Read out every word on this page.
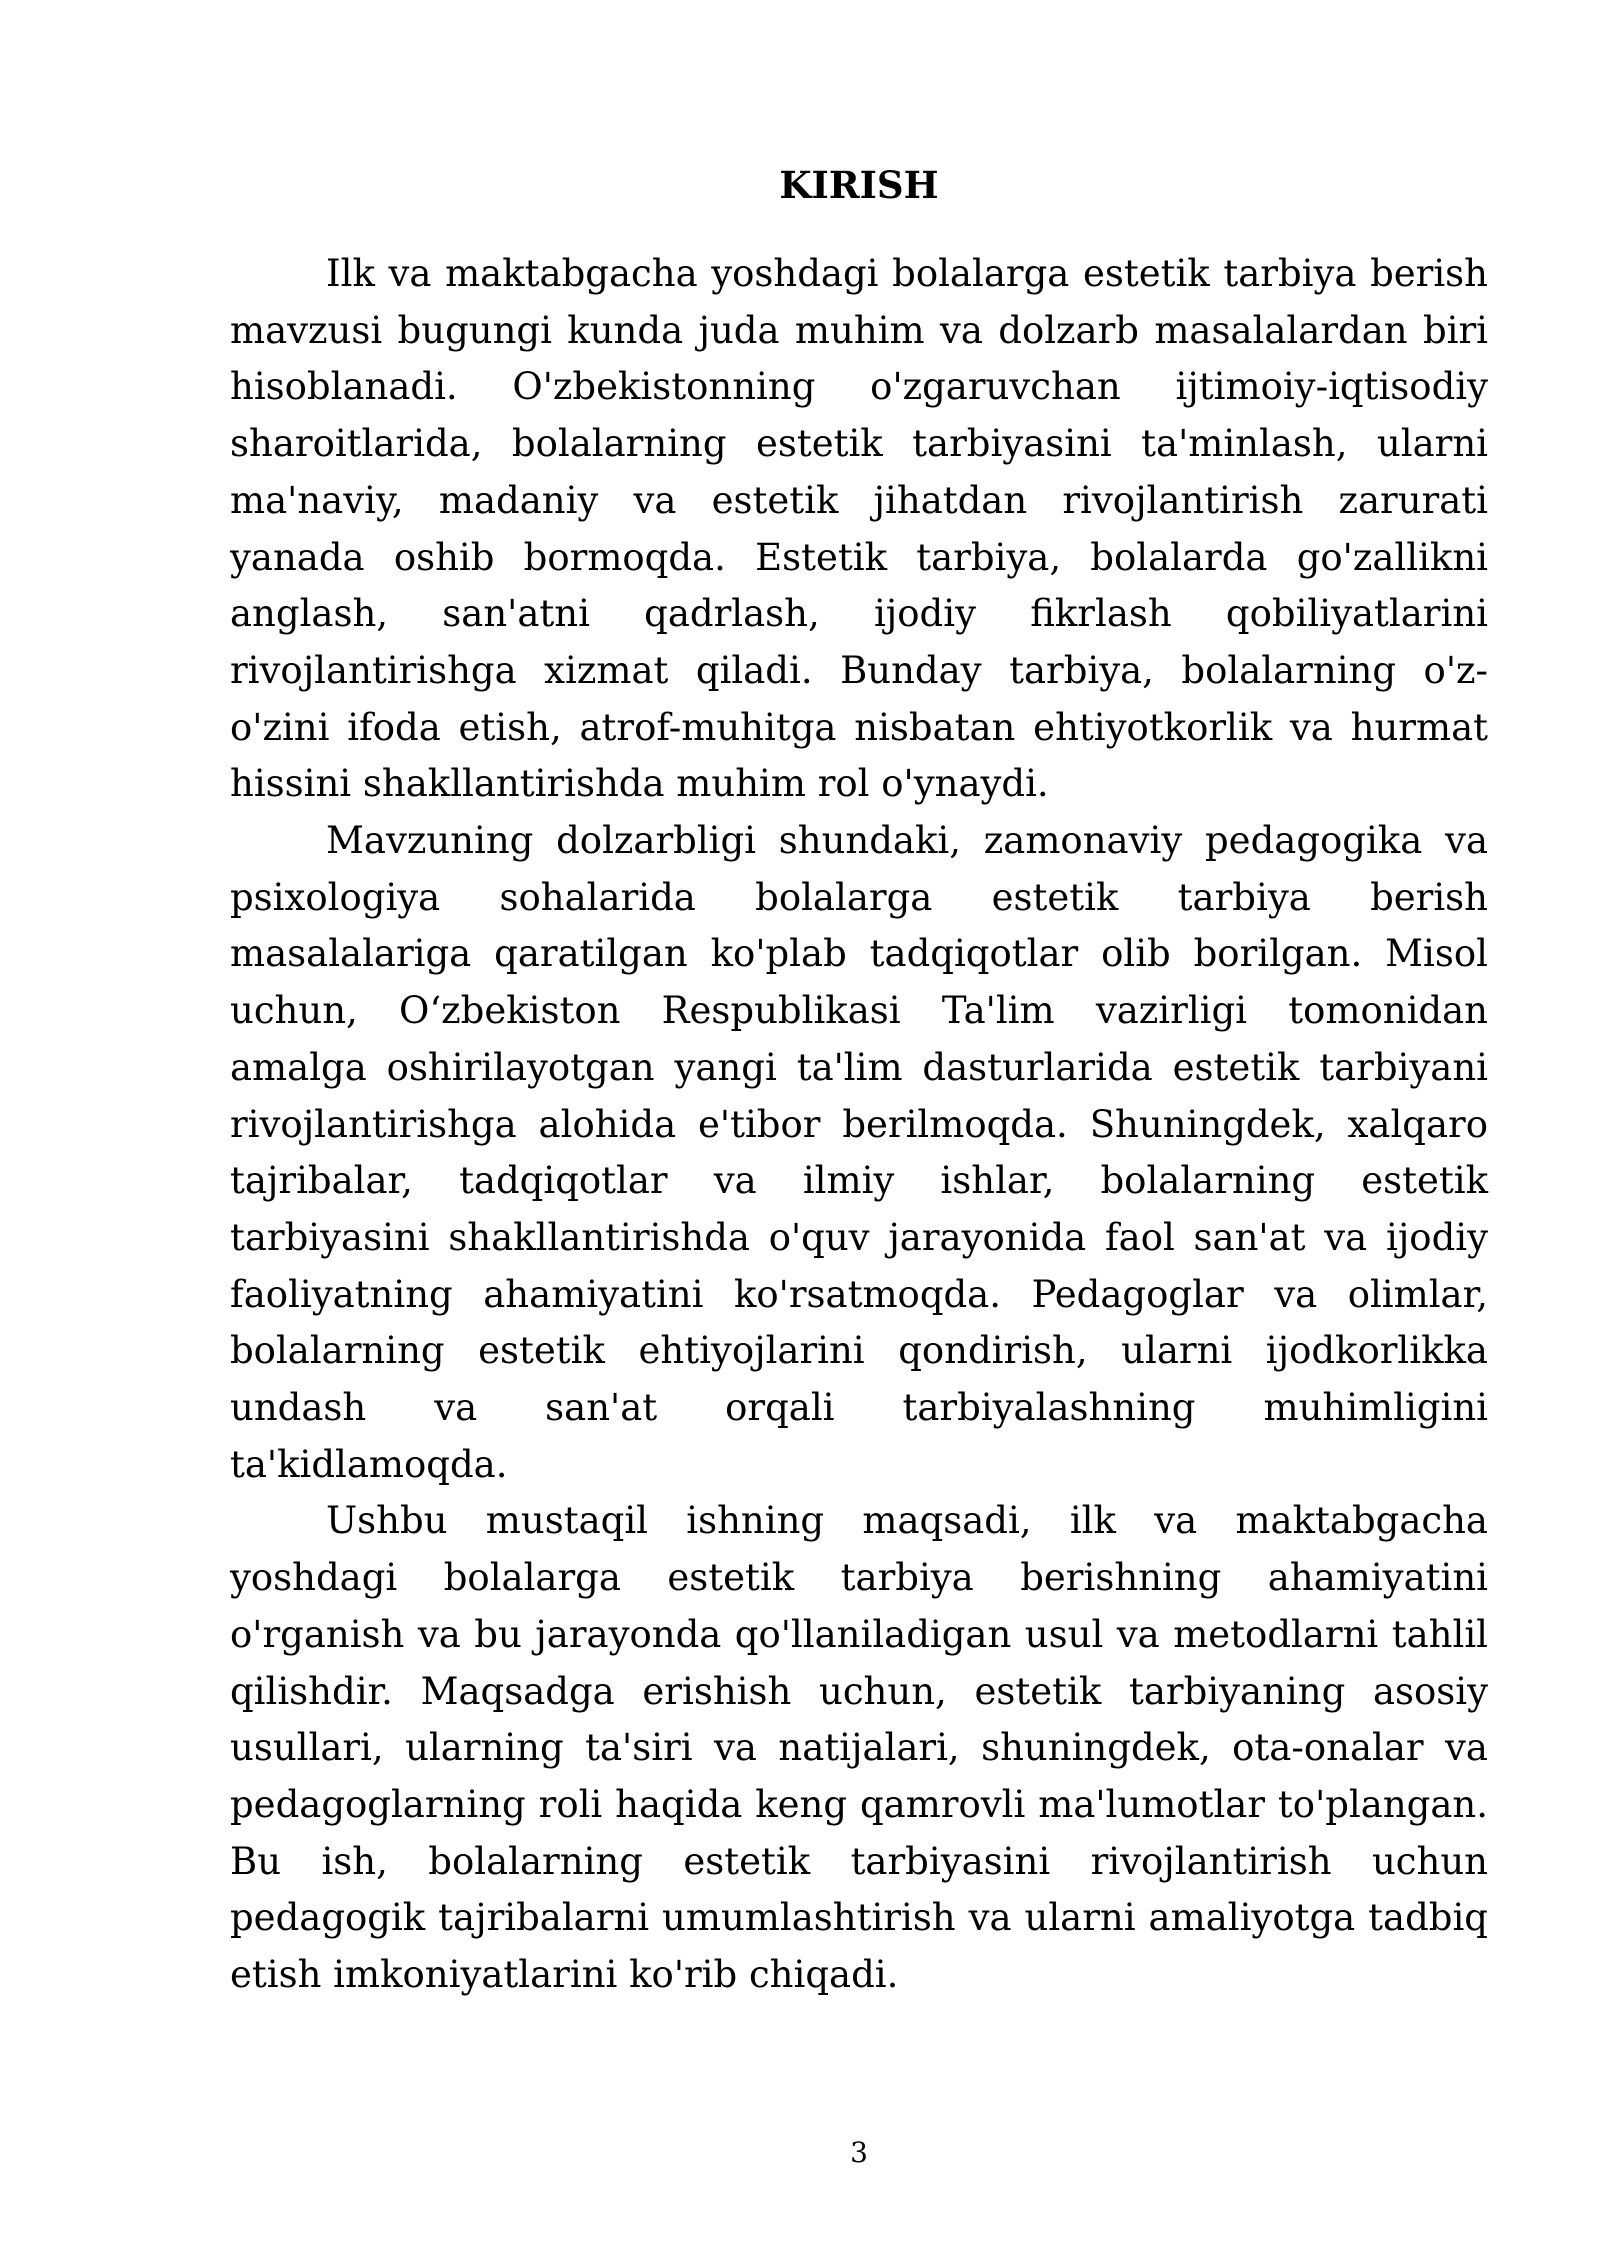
KIRISH

Ilk va maktabgacha yoshdagi bolalarga estetik tarbiya berish mavzusi bugungi kunda juda muhim va dolzarb masalalardan biri hisoblanadi. O'zbekistonning o'zgaruvchan ijtimoiy-iqtisodiy sharoitlarida, bolalarning estetik tarbiyasini ta'minlash, ularni ma'naviy, madaniy va estetik jihatdan rivojlantirish zarurati yanada oshib bormoqda. Estetik tarbiya, bolalarda go'zallikni anglash, san'atni qadrlash, ijodiy fikrlash qobiliyatlarini rivojlantirishga xizmat qiladi. Bunday tarbiya, bolalarning o'z-o'zini ifoda etish, atrof-muhitga nisbatan ehtiyotkorlik va hurmat hissini shakllantirishda muhim rol o'ynaydi.

Mavzuning dolzarbligi shundaki, zamonaviy pedagogika va psixologiya sohalarida bolalarga estetik tarbiya berish masalalariga qaratilgan ko'plab tadqiqotlar olib borilgan. Misol uchun, O‘zbekiston Respublikasi Ta'lim vazirligi tomonidan amalga oshirilayotgan yangi ta'lim dasturlarida estetik tarbiyani rivojlantirishga alohida e'tibor berilmoqda. Shuningdek, xalqaro tajribalar, tadqiqotlar va ilmiy ishlar, bolalarning estetik tarbiyasini shakllantirishda o'quv jarayonida faol san'at va ijodiy faoliyatning ahamiyatini ko'rsatmoqda. Pedagoglar va olimlar, bolalarning estetik ehtiyojlarini qondirish, ularni ijodkorlikka undash va san'at orqali tarbiyalashning muhimligini ta'kidlamoqda.

Ushbu mustaqil ishning maqsadi, ilk va maktabgacha yoshdagi bolalarga estetik tarbiya berishning ahamiyatini o'rganish va bu jarayonda qo'llaniladigan usul va metodlarni tahlil qilishdir. Maqsadga erishish uchun, estetik tarbiyaning asosiy usullari, ularning ta'siri va natijalari, shuningdek, ota-onalar va pedagoglarning roli haqida keng qamrovli ma'lumotlar to'plangan. Bu ish, bolalarning estetik tarbiyasini rivojlantirish uchun pedagogik tajribalarni umumlashtirish va ularni amaliyotga tadbiq etish imkoniyatlarini ko'rib chiqadi.

3
